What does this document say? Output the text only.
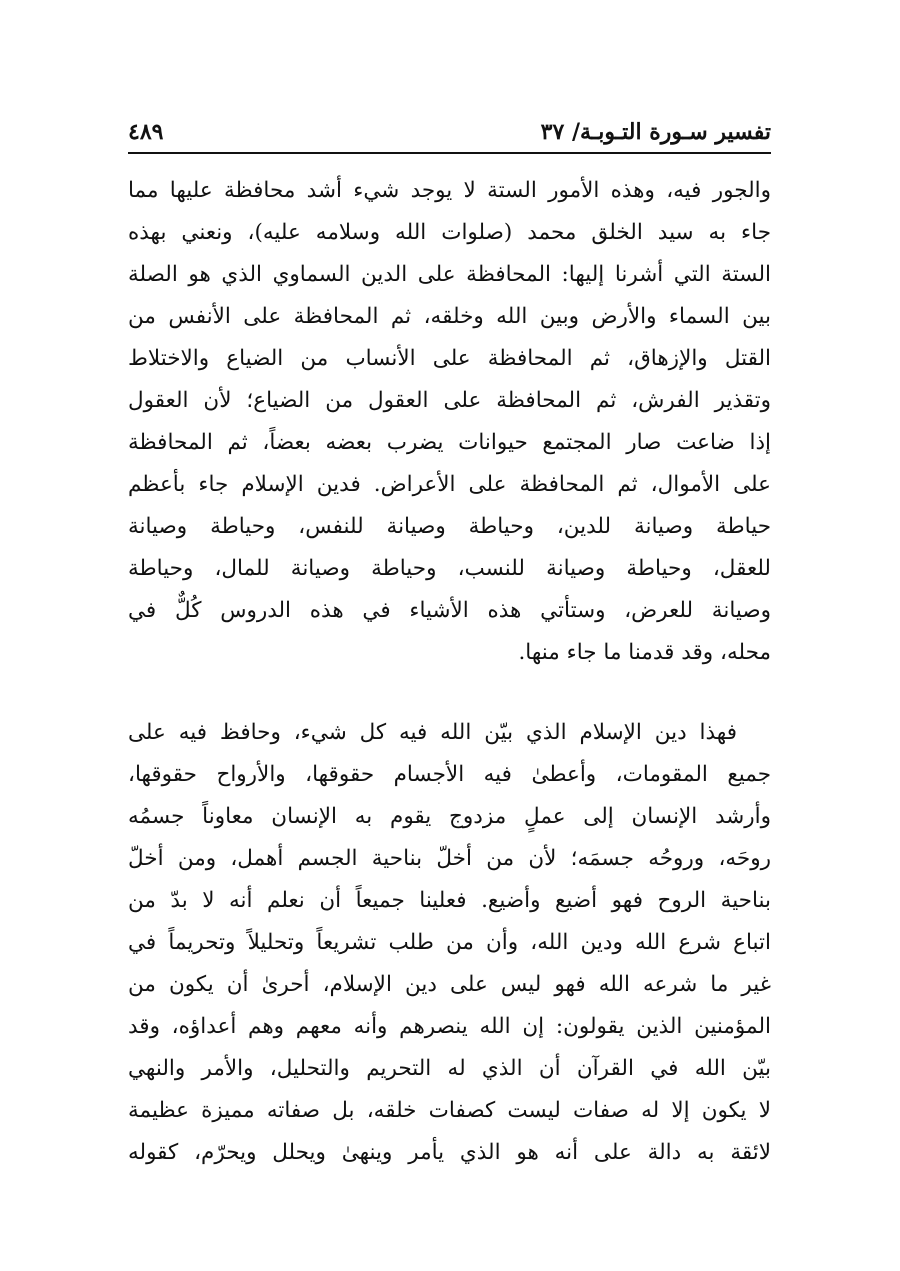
تفسير سـورة التـوبـة/ ٣٧
٤٨٩
والجور فيه، وهذه الأمور الستة لا يوجد شيء أشد محافظة عليها مما
جاء به سيد الخلق محمد (صلوات الله وسلامه عليه)، ونعني بهذه
الستة التي أشرنا إليها: المحافظة على الدين السماوي الذي هو الصلة
بين السماء والأرض وبين الله وخلقه، ثم المحافظة على الأنفس من
القتل والإزهاق، ثم المحافظة على الأنساب من الضياع والاختلاط
وتقذير الفرش، ثم المحافظة على العقول من الضياع؛ لأن العقول
إذا ضاعت صار المجتمع حيوانات يضرب بعضه بعضاً، ثم المحافظة
على الأموال، ثم المحافظة على الأعراض. فدين الإسلام جاء بأعظم
حياطة وصيانة للدين، وحياطة وصيانة للنفس، وحياطة وصيانة
للعقل، وحياطة وصيانة للنسب، وحياطة وصيانة للمال، وحياطة
وصيانة للعرض، وستأتي هذه الأشياء في هذه الدروس كُلٌّ في
محله، وقد قدمنا ما جاء منها.
فهذا دين الإسلام الذي بيّن الله فيه كل شيء، وحافظ فيه على
جميع المقومات، وأعطىٰ فيه الأجسام حقوقها، والأرواح حقوقها،
وأرشد الإنسان إلى عملٍ مزدوج يقوم به الإنسان معاوناً جسمُه
روحَه، وروحُه جسمَه؛ لأن من أخلّ بناحية الجسم أهمل، ومن أخلّ
بناحية الروح فهو أضيع وأضيع. فعلينا جميعاً أن نعلم أنه لا بدّ من
اتباع شرع الله ودين الله، وأن من طلب تشريعاً وتحليلاً وتحريماً في
غير ما شرعه الله فهو ليس على دين الإسلام، أحرىٰ أن يكون من
المؤمنين الذين يقولون: إن الله ينصرهم وأنه معهم وهم أعداؤه، وقد
بيّن الله في القرآن أن الذي له التحريم والتحليل، والأمر والنهي
لا يكون إلا له صفات ليست كصفات خلقه، بل صفاته مميزة عظيمة
لائقة به دالة على أنه هو الذي يأمر وينهىٰ ويحلل ويحرّم، كقوله
